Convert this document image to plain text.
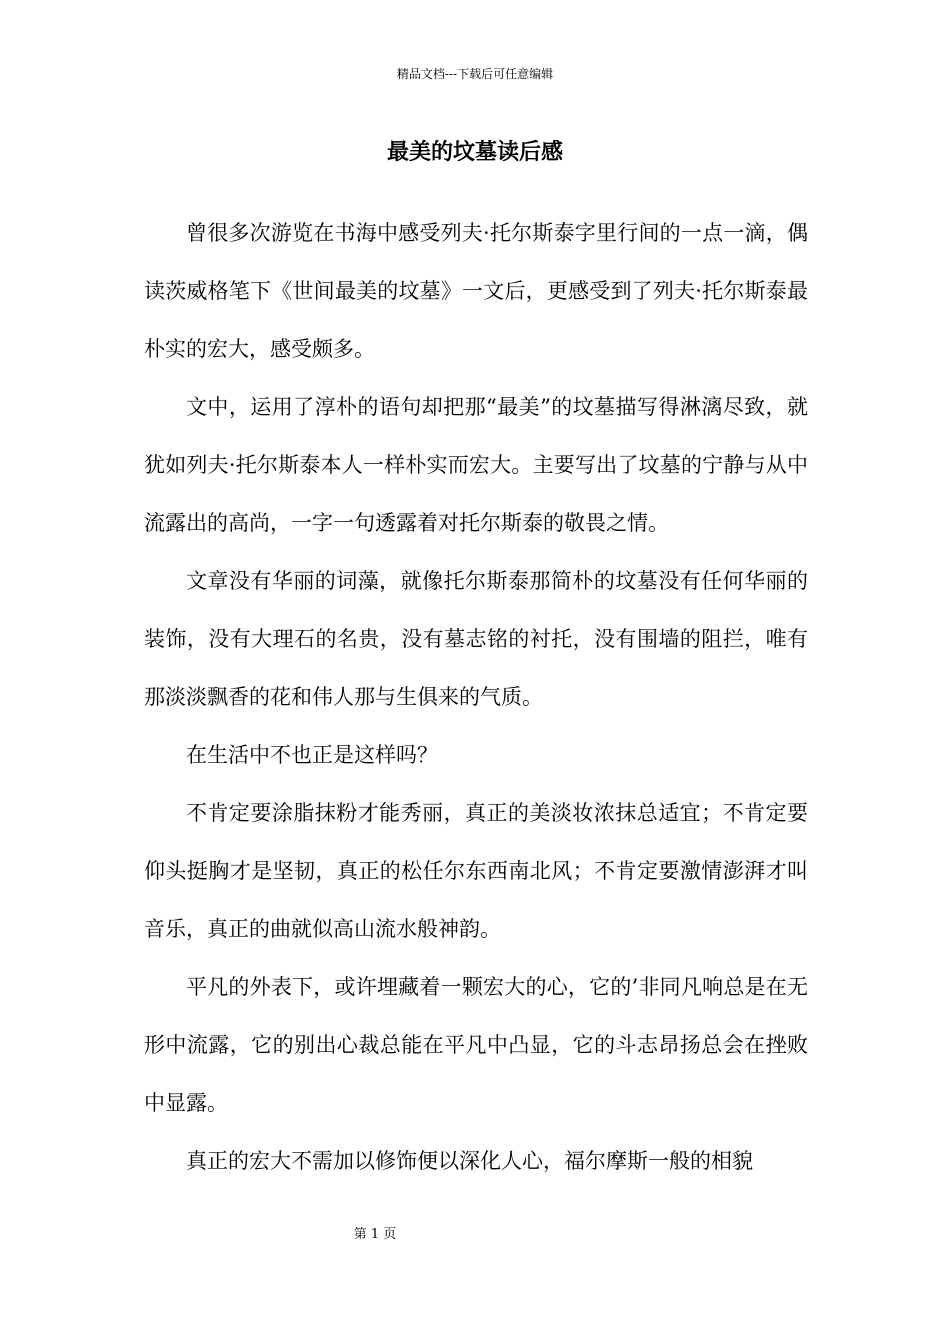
精品文档---下载后可任意编辑
最美的坟墓读后感

曾很多次游览在书海中感受列夫·托尔斯泰字里行间的一点一滴，偶读茨威格笔下《世间最美的坟墓》一文后，更感受到了列夫·托尔斯泰最朴实的宏大，感受颇多。

文中，运用了淳朴的语句却把那“最美”的坟墓描写得淋漓尽致，就犹如列夫·托尔斯泰本人一样朴实而宏大。主要写出了坟墓的宁静与从中流露出的高尚，一字一句透露着对托尔斯泰的敬畏之情。

文章没有华丽的词藻，就像托尔斯泰那简朴的坟墓没有任何华丽的装饰，没有大理石的名贵，没有墓志铭的衬托，没有围墙的阻拦，唯有那淡淡飘香的花和伟人那与生俱来的气质。

在生活中不也正是这样吗？

不肯定要涂脂抹粉才能秀丽，真正的美淡妆浓抹总适宜；不肯定要仰头挺胸才是坚韧，真正的松任尔东西南北风；不肯定要激情澎湃才叫音乐，真正的曲就似高山流水般神韵。

平凡的外表下，或许埋藏着一颗宏大的心，它的’非同凡响总是在无形中流露，它的别出心裁总能在平凡中凸显，它的斗志昂扬总会在挫败中显露。

真正的宏大不需加以修饰便以深化人心，福尔摩斯一般的相貌

第 1 页
